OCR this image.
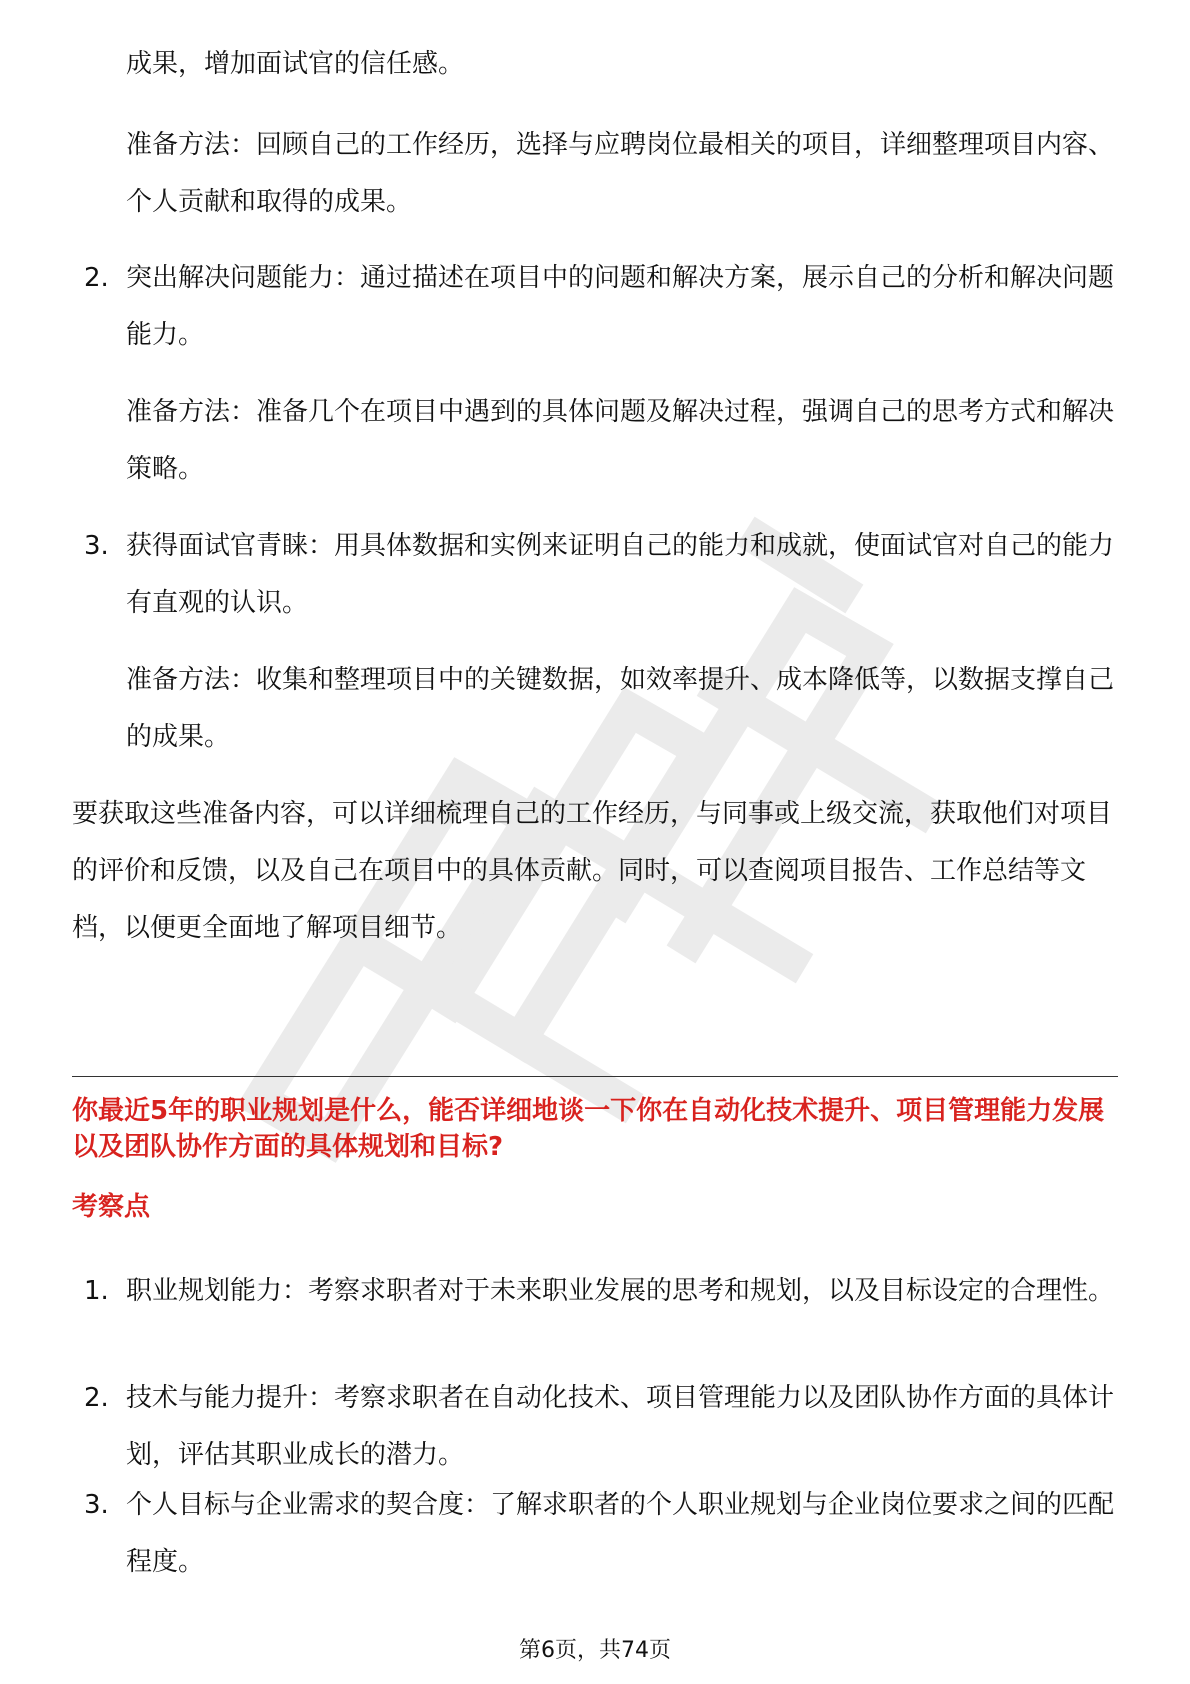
成果，增加面试官的信任感。

准备方法：回顾自己的工作经历，选择与应聘岗位最相关的项目，详细整理项目内容、个人贡献和取得的成果。

2. 突出解决问题能力：通过描述在项目中的问题和解决方案，展示自己的分析和解决问题能力。

准备方法：准备几个在项目中遇到的具体问题及解决过程，强调自己的思考方式和解决策略。

3. 获得面试官青睐：用具体数据和实例来证明自己的能力和成就，使面试官对自己的能力有直观的认识。

准备方法：收集和整理项目中的关键数据，如效率提升、成本降低等，以数据支撑自己的成果。

要获取这些准备内容，可以详细梳理自己的工作经历，与同事或上级交流，获取他们对项目的评价和反馈，以及自己在项目中的具体贡献。同时，可以查阅项目报告、工作总结等文档，以便更全面地了解项目细节。

你最近5年的职业规划是什么，能否详细地谈一下你在自动化技术提升、项目管理能力发展以及团队协作方面的具体规划和目标?

考察点

1. 职业规划能力：考察求职者对于未来职业发展的思考和规划，以及目标设定的合理性。

2. 技术与能力提升：考察求职者在自动化技术、项目管理能力以及团队协作方面的具体计划，评估其职业成长的潜力。

3. 个人目标与企业需求的契合度：了解求职者的个人职业规划与企业岗位要求之间的匹配程度。

第6页，共74页
